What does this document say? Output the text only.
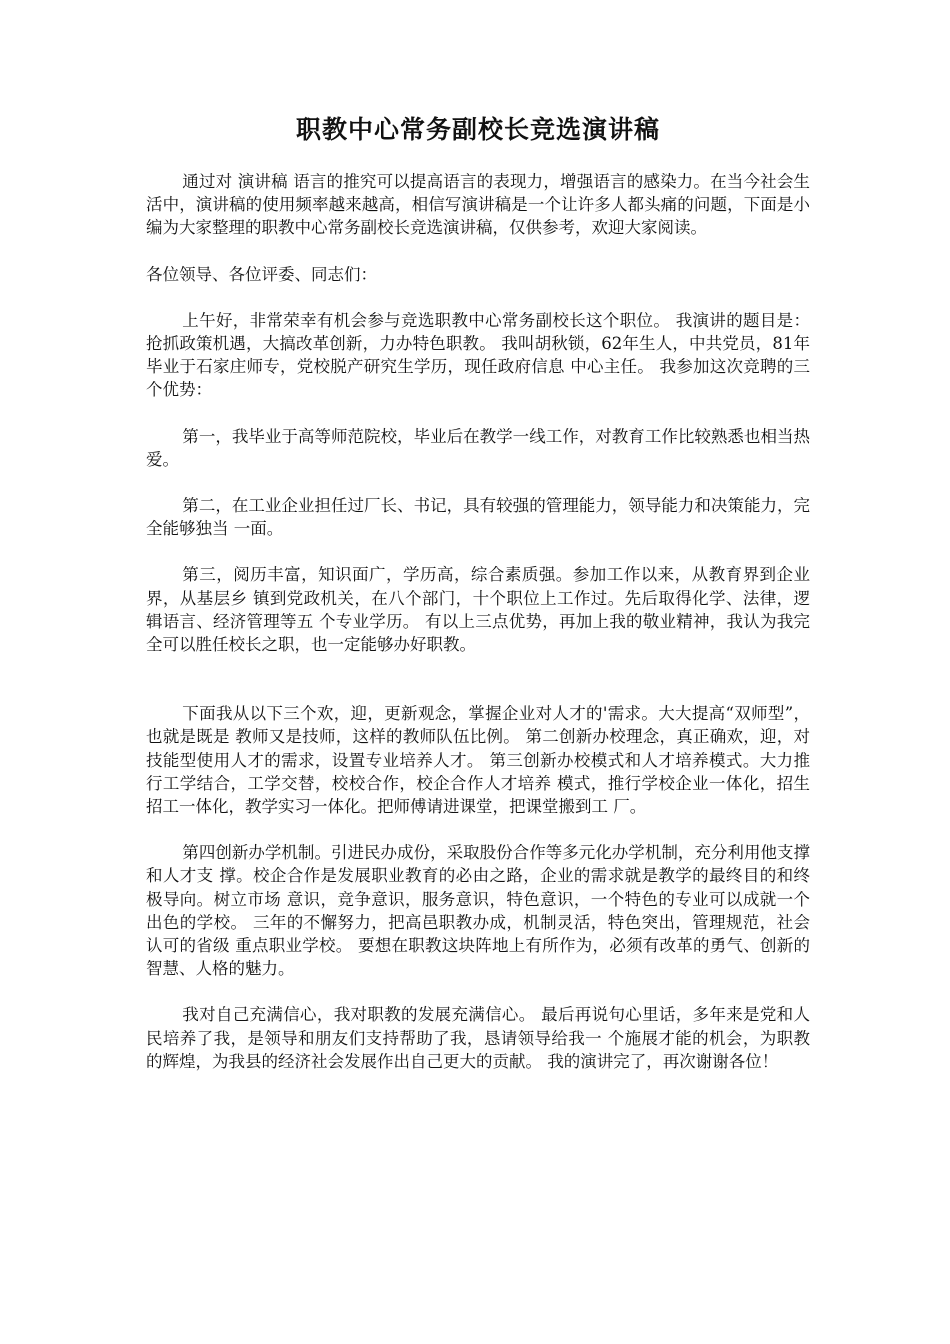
职教中心常务副校长竞选演讲稿

通过对 演讲稿 语言的推究可以提高语言的表现力，增强语言的感染力。在当今社会生活中，演讲稿的使用频率越来越高，相信写演讲稿是一个让许多人都头痛的问题，下面是小编为大家整理的职教中心常务副校长竞选演讲稿，仅供参考，欢迎大家阅读。

各位领导、各位评委、同志们：

上午好，非常荣幸有机会参与竞选职教中心常务副校长这个职位。 我演讲的题目是：抢抓政策机遇，大搞改革创新，力办特色职教。 我叫胡秋锁，62年生人，中共党员，81年毕业于石家庄师专，党校脱产研究生学历，现任政府信息 中心主任。 我参加这次竞聘的三个优势：

第一，我毕业于高等师范院校，毕业后在教学一线工作，对教育工作比较熟悉也相当热爱。

第二，在工业企业担任过厂长、书记，具有较强的管理能力，领导能力和决策能力，完全能够独当 一面。

第三，阅历丰富，知识面广，学历高，综合素质强。参加工作以来，从教育界到企业界，从基层乡 镇到党政机关，在八个部门，十个职位上工作过。先后取得化学、法律，逻辑语言、经济管理等五 个专业学历。 有以上三点优势，再加上我的敬业精神，我认为我完全可以胜任校长之职，也一定能够办好职教。

下面我从以下三个欢，迎，更新观念，掌握企业对人才的'需求。大大提高“双师型”，也就是既是 教师又是技师，这样的教师队伍比例。 第二创新办校理念，真正确欢，迎，对技能型使用人才的需求，设置专业培养人才。 第三创新办校模式和人才培养模式。大力推行工学结合，工学交替，校校合作，校企合作人才培养 模式，推行学校企业一体化，招生招工一体化，教学实习一体化。把师傅请进课堂，把课堂搬到工 厂。

第四创新办学机制。引进民办成份，采取股份合作等多元化办学机制，充分利用他支撑和人才支 撑。校企合作是发展职业教育的必由之路，企业的需求就是教学的最终目的和终极导向。树立市场 意识，竞争意识，服务意识，特色意识，一个特色的专业可以成就一个出色的学校。 三年的不懈努力，把高邑职教办成，机制灵活，特色突出，管理规范，社会认可的省级 重点职业学校。 要想在职教这块阵地上有所作为，必须有改革的勇气、创新的智慧、人格的魅力。

我对自己充满信心，我对职教的发展充满信心。 最后再说句心里话，多年来是党和人民培养了我，是领导和朋友们支持帮助了我，恳请领导给我一 个施展才能的机会，为职教的辉煌，为我县的经济社会发展作出自己更大的贡献。 我的演讲完了，再次谢谢各位！
